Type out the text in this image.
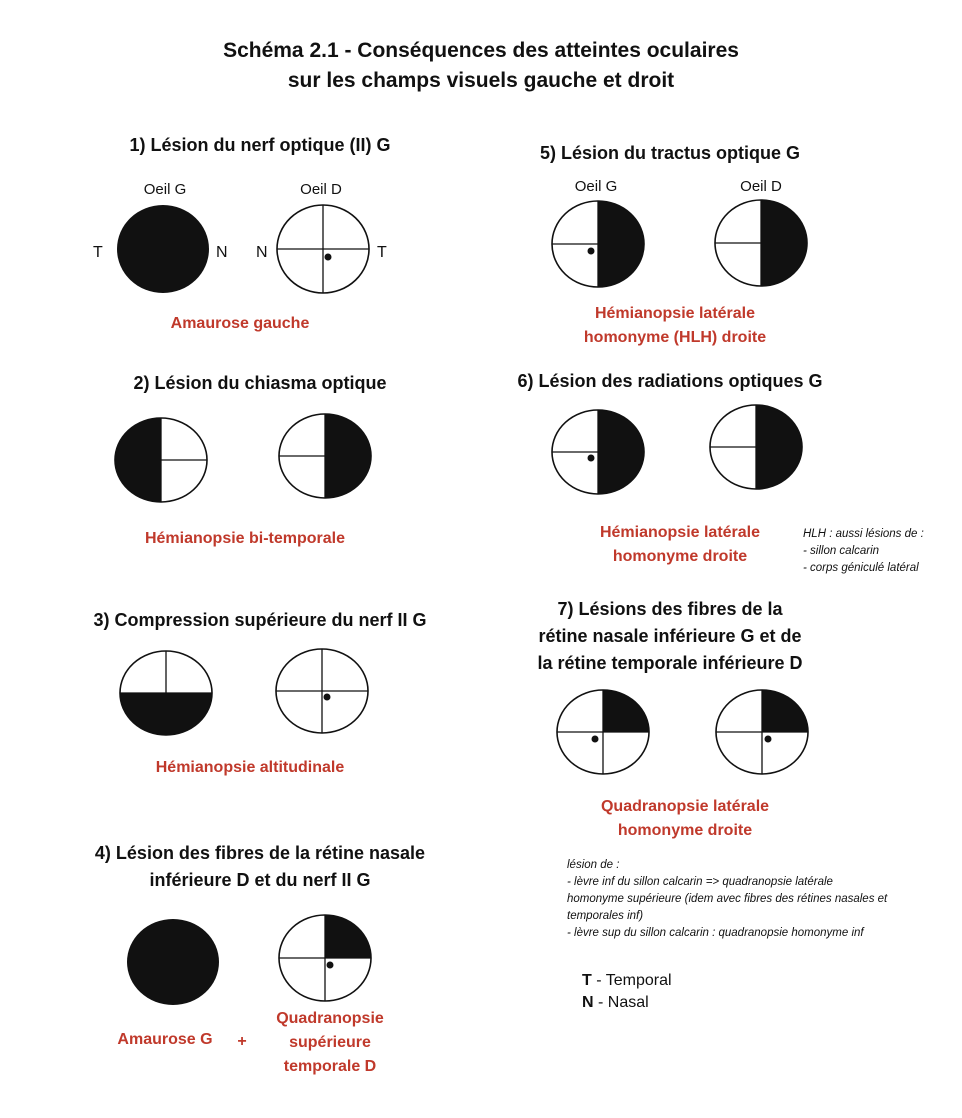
Schéma 2.1 - Conséquences des atteintes oculaires
sur les champs visuels gauche et droit
1) Lésion du nerf optique (II) G
Oeil G	Oeil D
T	N N	T
Amaurose gauche
2) Lésion du chiasma optique
Hémianopsie bi-temporale
3) Compression supérieure du nerf II G
Hémianopsie altitudinale
4) Lésion des fibres de la rétine nasale
inférieure D et du nerf II G
Amaurose G	+
Quadranopsie
supérieure
temporale D
5) Lésion du tractus optique G
Oeil G	Oeil D
Hémianopsie latérale
homonyme (HLH) droite
6) Lésion des radiations optiques G
Hémianopsie latérale
homonyme droite
HLH : aussi lésions de :
- sillon calcarin
- corps géniculé latéral
7) Lésions des fibres de la
rétine nasale inférieure G et de
la rétine temporale inférieure D
Quadranopsie latérale
homonyme droite
lésion de :
- lèvre inf du sillon calcarin => quadranopsie latérale
homonyme supérieure (idem avec fibres des rétines nasales et
temporales inf)
- lèvre sup du sillon calcarin : quadranopsie homonyme inf
T - Temporal
N - Nasal
